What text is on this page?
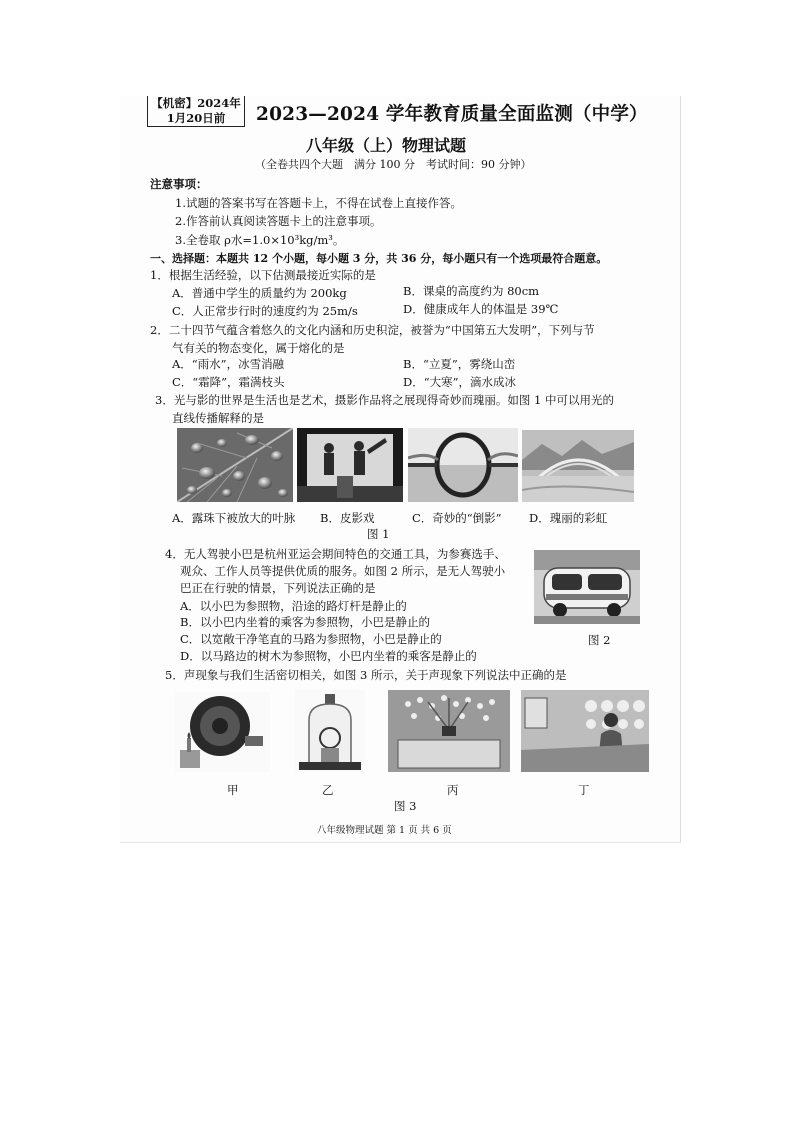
【机密】2024年
1月20日前	2023—2024 学年教育质量全面监测（中学）
八年级（上）物理试题
（全卷共四个大题　满分 100 分　考试时间：90 分钟）
注意事项：
1.试题的答案书写在答题卡上，不得在试卷上直接作答。
2.作答前认真阅读答题卡上的注意事项。
3.全卷取 ρ水=1.0×10³kg/m³。
一、选择题：本题共 12 个小题，每小题 3 分，共 36 分，每小题只有一个选项最符合题意。
1．根据生活经验，以下估测最接近实际的是
A．普通中学生的质量约为 200kg	B．课桌的高度约为 80cm
C．人正常步行时的速度约为 25m/s	D．健康成年人的体温是 39℃
2．二十四节气蕴含着悠久的文化内涵和历史积淀，被誉为“中国第五大发明”，下列与节
气有关的物态变化，属于熔化的是
A．“雨水”，冰雪消融	B．“立夏”，雾绕山峦
C．“霜降”，霜满枝头	D．“大寒”，滴水成冰
3．光与影的世界是生活也是艺术，摄影作品将之展现得奇妙而瑰丽。如图 1 中可以用光的
直线传播解释的是
A．露珠下被放大的叶脉 B．皮影戏	C．奇妙的“倒影” D．瑰丽的彩虹
图 1
4．无人驾驶小巴是杭州亚运会期间特色的交通工具，为参赛选手、
观众、工作人员等提供优质的服务。如图 2 所示，是无人驾驶小
巴正在行驶的情景，下列说法正确的是
A．以小巴为参照物，沿途的路灯杆是静止的
B．以小巴内坐着的乘客为参照物，小巴是静止的
C．以宽敞干净笔直的马路为参照物，小巴是静止的
D．以马路边的树木为参照物，小巴内坐着的乘客是静止的
图 2
5．声现象与我们生活密切相关，如图 3 所示，关于声现象下列说法中正确的是
甲	乙	丙	丁
图 3
八年级物理试题 第 1 页 共 6 页
